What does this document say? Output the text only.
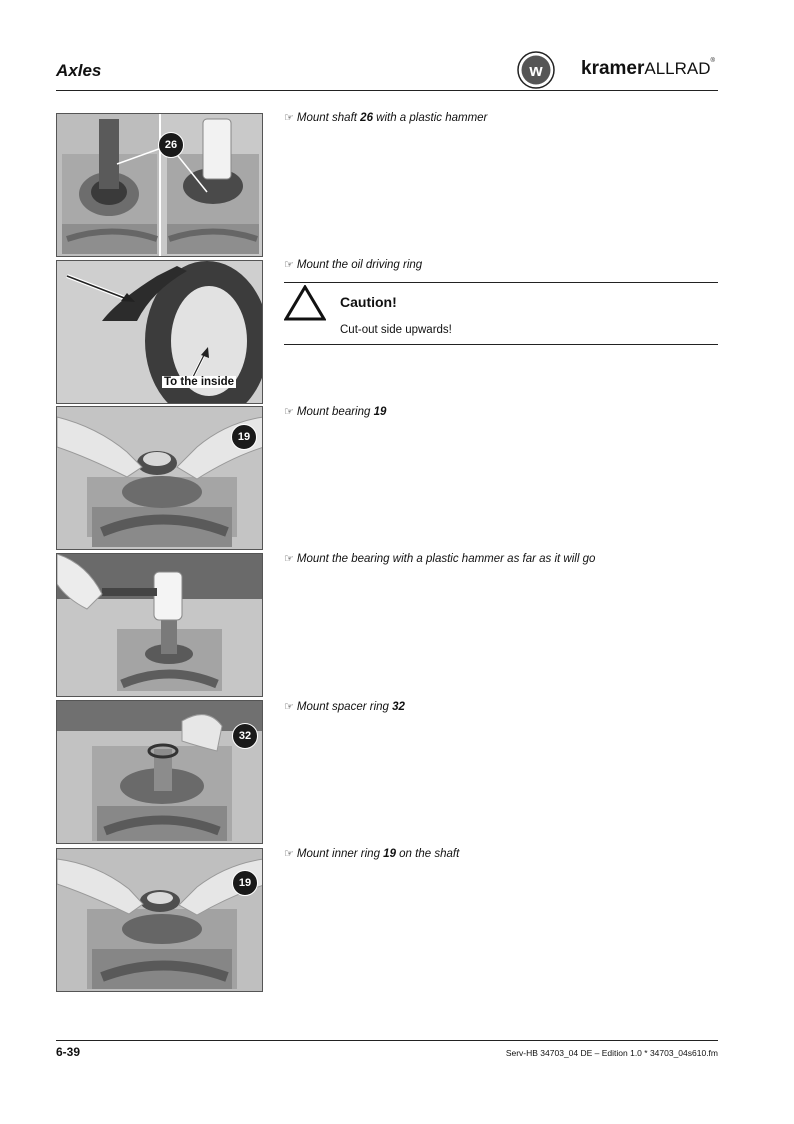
Axles	w kramerALLRAD®
26
☞ Mount shaft 26 with a plastic hammer
To the inside
☞ Mount the oil driving ring
Caution!
Cut-out side upwards!
19
☞ Mount bearing 19
☞ Mount the bearing with a plastic hammer as far as it will go
32
☞ Mount spacer ring 32
19
☞ Mount inner ring 19 on the shaft
6-39	Serv-HB 34703_04 DE – Edition 1.0 * 34703_04s610.fm
